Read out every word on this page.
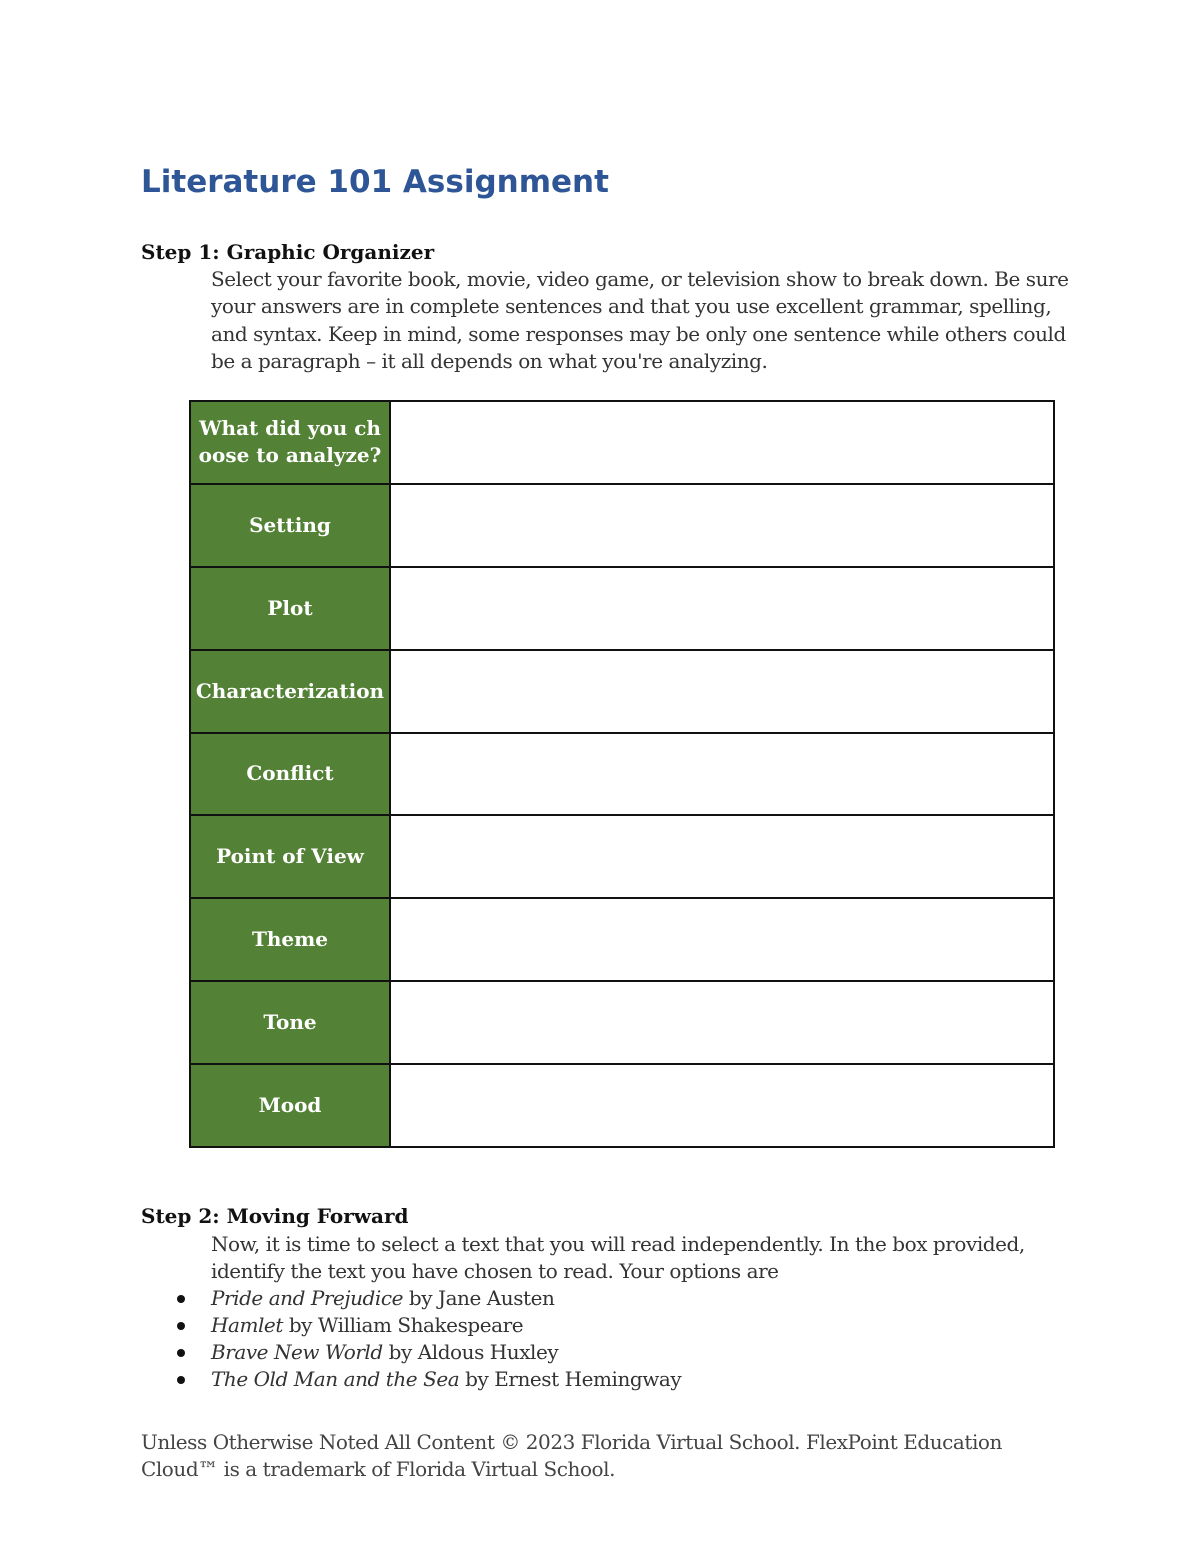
Literature 101 Assignment
Step 1: Graphic Organizer

Select your favorite book, movie, video game, or television show to break down. Be sure your answers are in complete sentences and that you use excellent grammar, spelling, and syntax. Keep in mind, some responses may be only one sentence while others could be a paragraph – it all depends on what you're analyzing.

What did you choose to analyze?	
Setting	
Plot	
Characterization	
Conflict	
Point of View	
Theme	
Tone	
Mood	
Step 2: Moving Forward

Now, it is time to select a text that you will read independently. In the box provided, identify the text you have chosen to read. Your options are

Pride and Prejudice by Jane Austen
Hamlet by William Shakespeare
Brave New World by Aldous Huxley
The Old Man and the Sea by Ernest Hemingway

Unless Otherwise Noted All Content © 2023 Florida Virtual School. FlexPoint Education Cloud™ is a trademark of Florida Virtual School.
